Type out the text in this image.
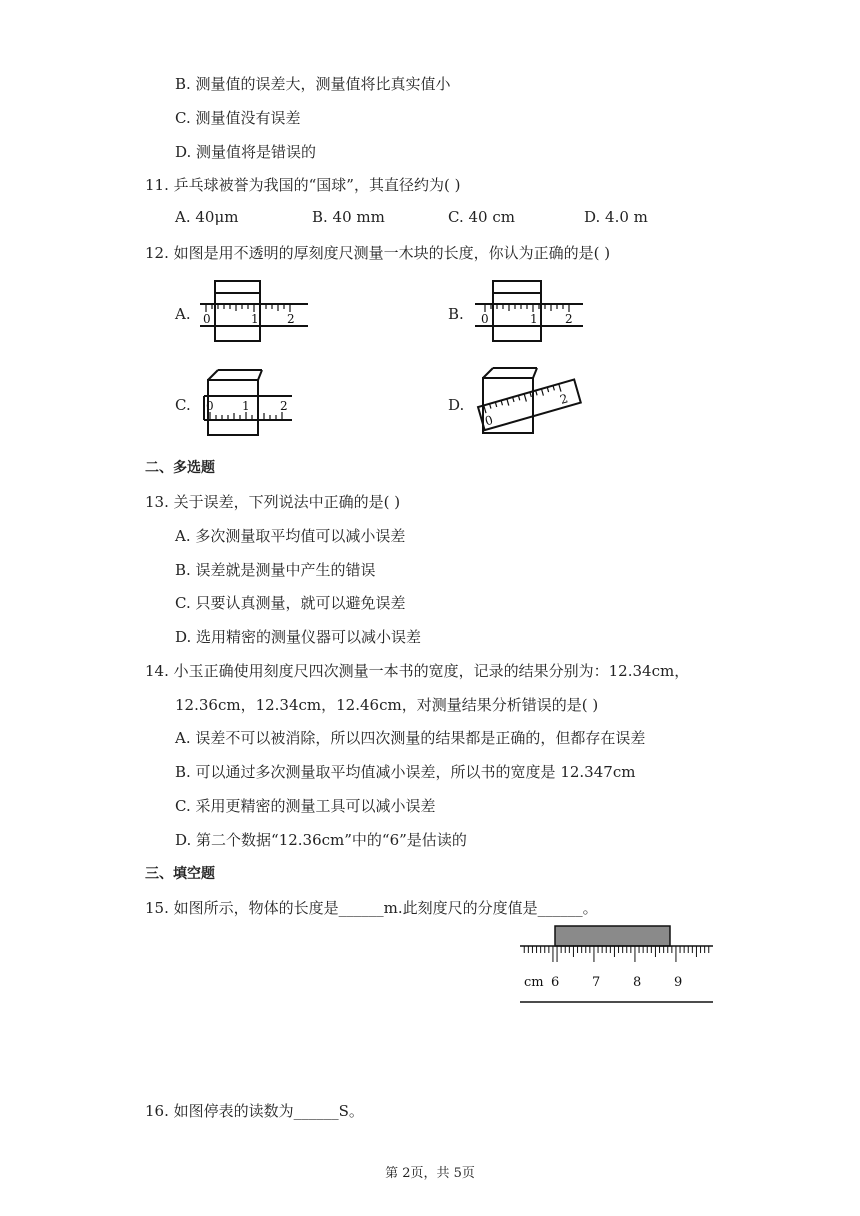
B. 测量值的误差大，测量值将比真实值小
C. 测量值没有误差
D. 测量值将是错误的
11. 乒乓球被誉为我国的“国球”，其直径约为( )
A. 40μm	B. 40 mm	C. 40 cm	D. 4.0 m
12. 如图是用不透明的厚刻度尺测量一木块的长度，你认为正确的是( )
A. 0	1 2	B. 0	1 2
C. 0 1	2	D.
0
2
二、多选题
13. 关于误差，下列说法中正确的是( )
A. 多次测量取平均值可以减小误差
B. 误差就是测量中产生的错误
C. 只要认真测量，就可以避免误差
D. 选用精密的测量仪器可以减小误差
14. 小玉正确使用刻度尺四次测量一本书的宽度，记录的结果分别为：12.34cm，
12.36cm，12.34cm，12.46cm，对测量结果分析错误的是( )
A. 误差不可以被消除，所以四次测量的结果都是正确的，但都存在误差
B. 可以通过多次测量取平均值减小误差，所以书的宽度是 12.347cm
C. 采用更精密的测量工具可以减小误差
D. 第二个数据“12.36cm”中的“6”是估读的
三、填空题
15. 如图所示，物体的长度是______m.此刻度尺的分度值是______。
cm 6	7	8	9
16. 如图停表的读数为______S。
第 2页，共 5页
